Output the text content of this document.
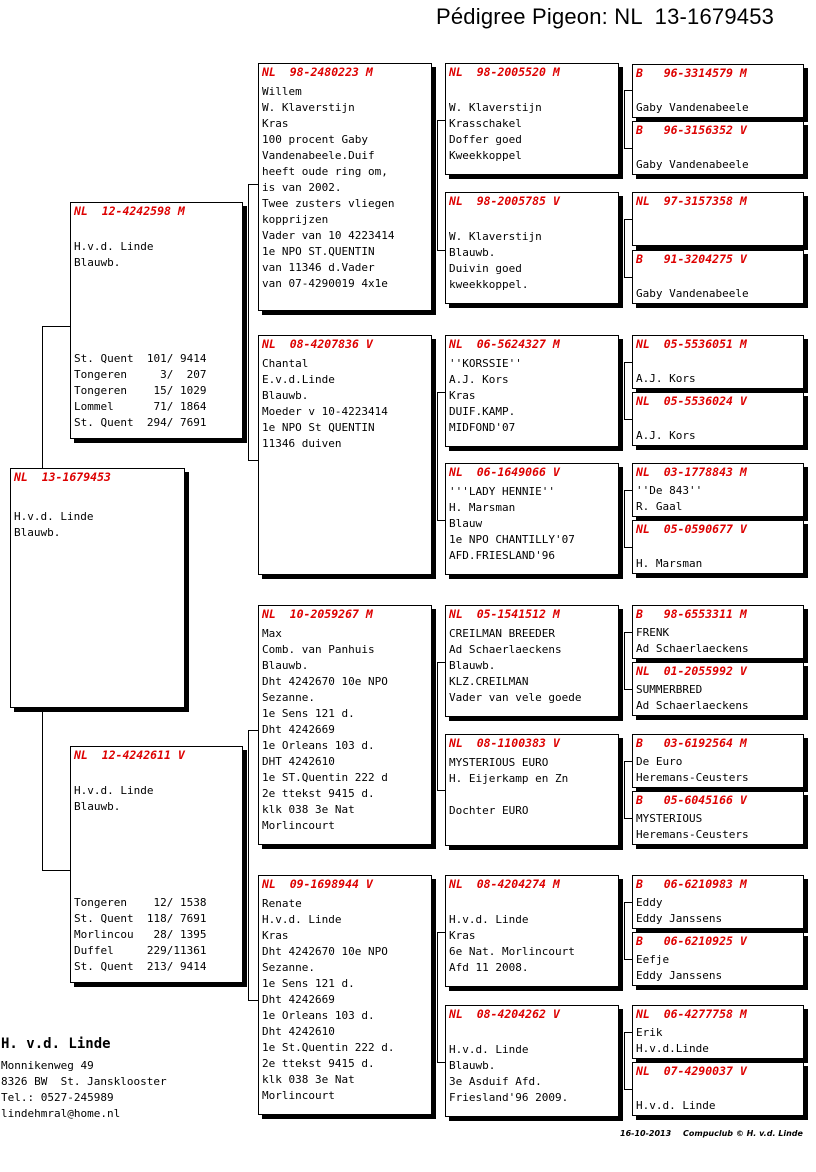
Pédigree Pigeon: NL  13-1679453
NL  13-1679453
H.v.d. Linde
Blauwb.
NL  12-4242598 M
H.v.d. Linde
Blauwb.
St. Quent  101/ 9414
Tongeren     3/  207
Tongeren    15/ 1029
Lommel      71/ 1864
St. Quent  294/ 7691
NL  12-4242611 V
H.v.d. Linde
Blauwb.
Tongeren    12/ 1538
St. Quent  118/ 7691
Morlincou   28/ 1395
Duffel     229/11361
St. Quent  213/ 9414
NL  98-2480223 M
Willem
W. Klaverstijn
Kras
100 procent Gaby
Vandenabeele.Duif
heeft oude ring om,
is van 2002.
Twee zusters vliegen
kopprijzen
Vader van 10 4223414
1e NPO ST.QUENTIN
van 11346 d.Vader
van 07-4290019 4x1e
NL  08-4207836 V
Chantal
E.v.d.Linde
Blauwb.
Moeder v 10-4223414
1e NPO St QUENTIN
11346 duiven
NL  10-2059267 M
Max
Comb. van Panhuis
Blauwb.
Dht 4242670 10e NPO
Sezanne.
1e Sens 121 d.
Dht 4242669
1e Orleans 103 d.
DHT 4242610
1e ST.Quentin 222 d
2e ttekst 9415 d.
klk 038 3e Nat
Morlincourt
NL  09-1698944 V
Renate
H.v.d. Linde
Kras
Dht 4242670 10e NPO
Sezanne.
1e Sens 121 d.
Dht 4242669
1e Orleans 103 d.
Dht 4242610
1e St.Quentin 222 d.
2e ttekst 9415 d.
klk 038 3e Nat
Morlincourt
NL  98-2005520 M
W. Klaverstijn
Krasschakel
Doffer goed
Kweekkoppel
NL  98-2005785 V
W. Klaverstijn
Blauwb.
Duivin goed
kweekkoppel.
NL  06-5624327 M
''KORSSIE''
A.J. Kors
Kras
DUIF.KAMP.
MIDFOND'07
NL  06-1649066 V
'''LADY HENNIE''
H. Marsman
Blauw
1e NPO CHANTILLY'07
AFD.FRIESLAND'96
NL  05-1541512 M
CREILMAN BREEDER
Ad Schaerlaeckens
Blauwb.
KLZ.CREILMAN
Vader van vele goede
NL  08-1100383 V
MYSTERIOUS EURO
H. Eijerkamp en Zn
Dochter EURO
NL  08-4204274 M
H.v.d. Linde
Kras
6e Nat. Morlincourt
Afd 11 2008.
NL  08-4204262 V
H.v.d. Linde
Blauwb.
3e Asduif Afd.
Friesland'96 2009.
B   96-3314579 M
Gaby Vandenabeele
B   96-3156352 V
Gaby Vandenabeele
NL  97-3157358 M
B   91-3204275 V
Gaby Vandenabeele
NL  05-5536051 M
A.J. Kors
NL  05-5536024 V
A.J. Kors
NL  03-1778843 M
''De 843''
R. Gaal
NL  05-0590677 V
H. Marsman
B   98-6553311 M
FRENK
Ad Schaerlaeckens
NL  01-2055992 V
SUMMERBRED
Ad Schaerlaeckens
B   03-6192564 M
De Euro
Heremans-Ceusters
B   05-6045166 V
MYSTERIOUS
Heremans-Ceusters
B   06-6210983 M
Eddy
Eddy Janssens
B   06-6210925 V
Eefje
Eddy Janssens
NL  06-4277758 M
Erik
H.v.d.Linde
NL  07-4290037 V
H.v.d. Linde
H. v.d. Linde
Monnikenweg 49
8326 BW  St. Jansklooster
Tel.: 0527-245989
lindehmral@home.nl
16-10-2013 Compuclub © H. v.d. Linde
